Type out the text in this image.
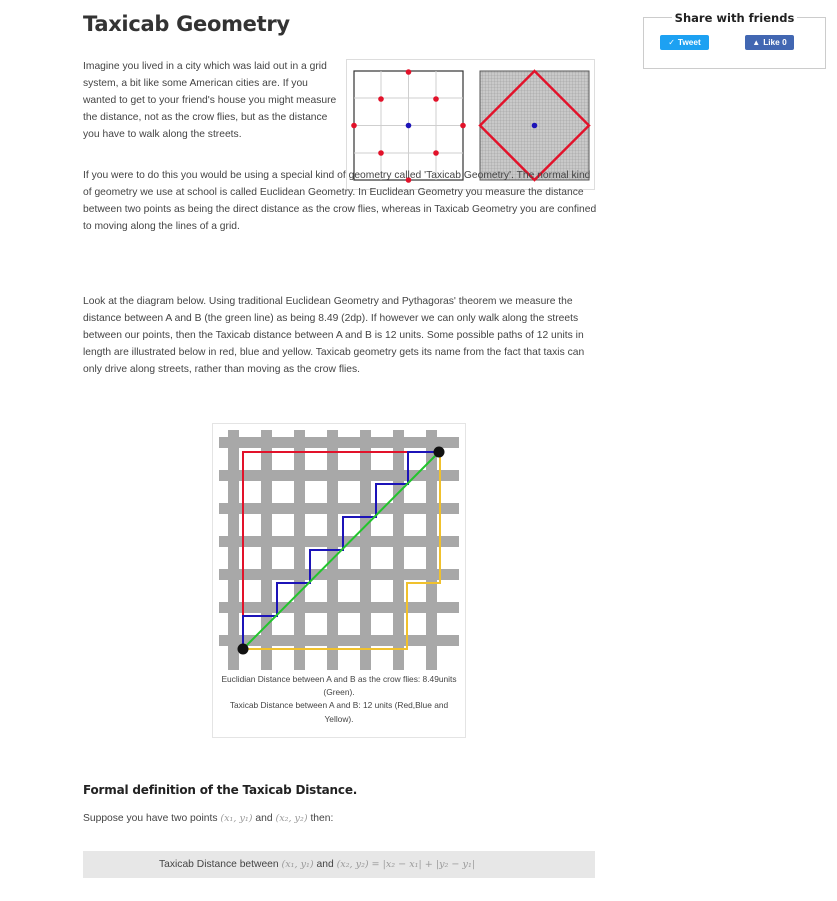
Taxicab Geometry

Imagine you lived in a city which was laid out in a grid system, a bit like some American cities are. If you wanted to get to your friend's house you might measure the distance, not as the crow flies, but as the distance you have to walk along the streets.

If you were to do this you would be using a special kind of geometry called 'Taxicab Geometry'. The normal kind of geometry we use at school is called Euclidean Geometry. In Euclidean Geometry you measure the distance between two points as being the direct distance as the crow flies, whereas in Taxicab Geometry you are confined to moving along the lines of a grid.

Look at the diagram below. Using traditional Euclidean Geometry and Pythagoras' theorem we measure the distance between A and B (the green line) as being 8.49 (2dp). If however we can only walk along the streets between our points, then the Taxicab distance between A and B is 12 units. Some possible paths of 12 units in length are illustrated below in red, blue and yellow. Taxicab geometry gets its name from the fact that taxis can only drive along streets, rather than moving as the crow flies.

Euclidian Distance between A and B as the crow flies: 8.49units (Green).
Taxicab Distance between A and B: 12 units (Red,Blue and Yellow).

Formal definition of the Taxicab Distance.

Suppose you have two points (x₁, y₁) and (x₂, y₂) then:

Taxicab Distance between (x₁, y₁) and (x₂, y₂) = |x₂ − x₁| + |y₂ − y₁|

Share with friends

✓ Tweet	▲ Like 0
